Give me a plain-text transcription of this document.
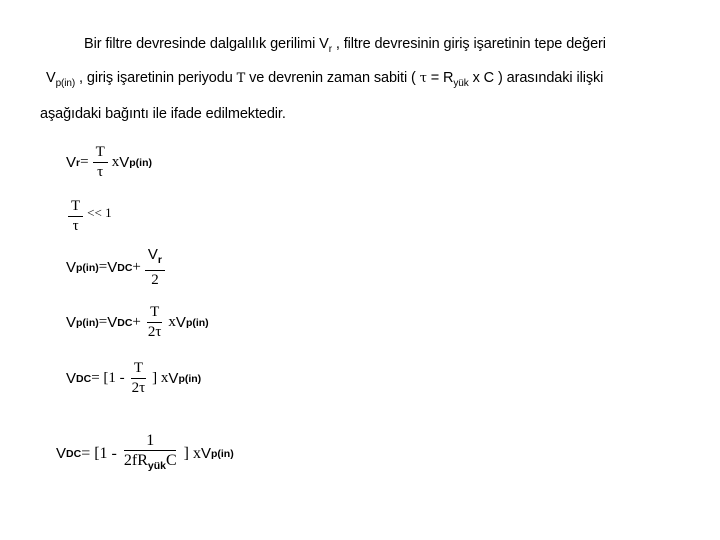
Bir filtre devresinde dalgalılık gerilimi $V_r$ , filtre devresinin giriş işaretinin tepe değeri
$V_{p(in)}$ , giriş işaretinin periyodu T ve devrenin zaman sabiti ( $\tau = R_{yük}$ x C ) arasındaki ilişki
aşağıdaki bağıntı ile ifade edilmektedir.
V $r = \frac{T}{\tau}$ x V p(in)
$\frac{T}{\tau} << 1$
V p(in) = V DC + $\frac{V_r}{2}$
V p(in) = V DC + $\frac{T}{2\tau}$ x V p(in)
V DC = [$1 - \frac{T}{2\tau}$ ] x V p(in)
V DC = [$1 - \frac{1}{2fR_{yük}C}$ ] x V p(in)
